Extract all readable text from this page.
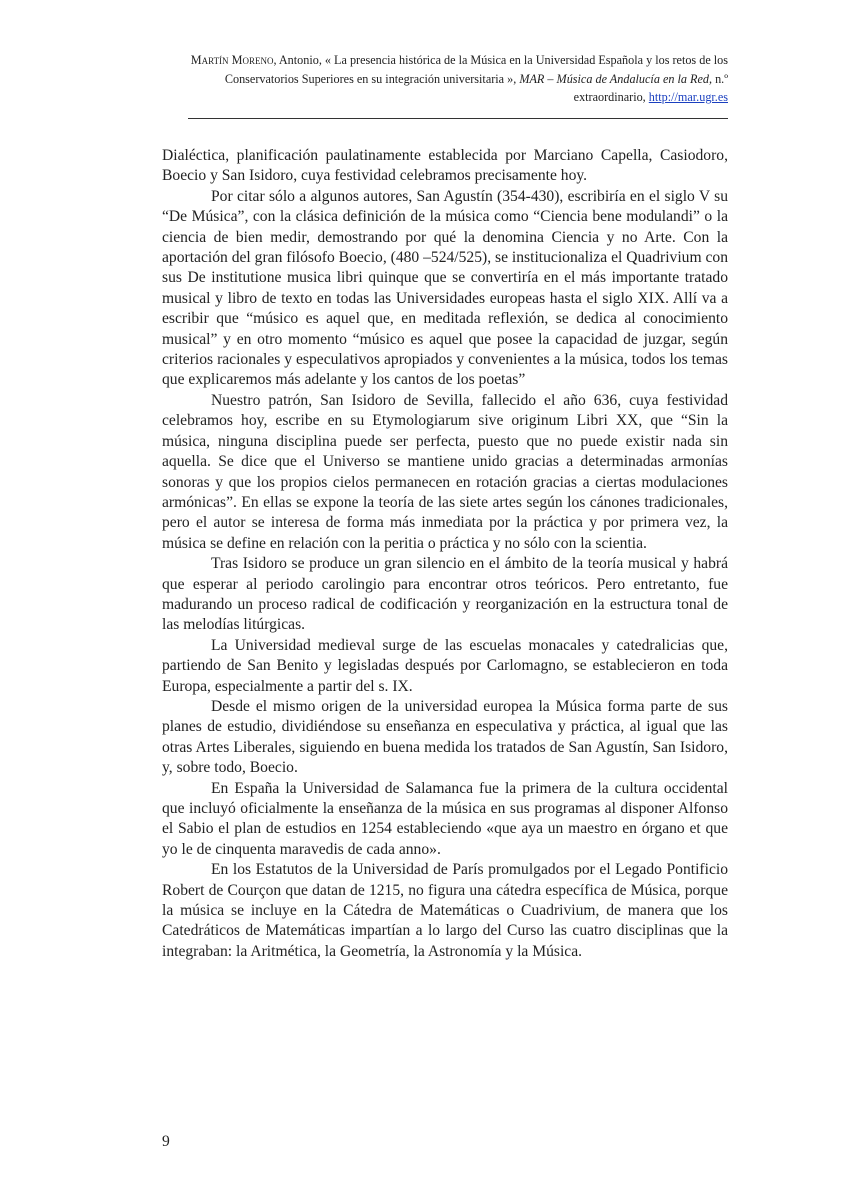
Martín Moreno, Antonio, « La presencia histórica de la Música en la Universidad Española y los retos de los Conservatorios Superiores en su integración universitaria », MAR – Música de Andalucía en la Red, n.º extraordinario, http://mar.ugr.es

Dialéctica, planificación paulatinamente establecida por Marciano Capella, Casiodoro, Boecio y San Isidoro, cuya festividad celebramos precisamente hoy.

Por citar sólo a algunos autores, San Agustín (354-430), escribiría en el siglo V su “De Música”, con la clásica definición de la música como “Ciencia bene modulandi” o la ciencia de bien medir, demostrando por qué la denomina Ciencia y no Arte. Con la aportación del gran filósofo Boecio, (480 –524/525), se institucionaliza el Quadrivium con sus De institutione musica libri quinque que se convertiría en el más importante tratado musical y libro de texto en todas las Universidades europeas hasta el siglo XIX. Allí va a escribir que “músico es aquel que, en meditada reflexión, se dedica al conocimiento musical” y en otro momento “músico es aquel que posee la capacidad de juzgar, según criterios racionales y especulativos apropiados y convenientes a la música, todos los temas que explicaremos más adelante y los cantos de los poetas”

Nuestro patrón, San Isidoro de Sevilla, fallecido el año 636, cuya festividad celebramos hoy, escribe en su Etymologiarum sive originum Libri XX, que “Sin la música, ninguna disciplina puede ser perfecta, puesto que no puede existir nada sin aquella. Se dice que el Universo se mantiene unido gracias a determinadas armonías sonoras y que los propios cielos permanecen en rotación gracias a ciertas modulaciones armónicas”. En ellas se expone la teoría de las siete artes según los cánones tradicionales, pero el autor se interesa de forma más inmediata por la práctica y por primera vez, la música se define en relación con la peritia o práctica y no sólo con la scientia.

Tras Isidoro se produce un gran silencio en el ámbito de la teoría musical y habrá que esperar al periodo carolingio para encontrar otros teóricos. Pero entretanto, fue madurando un proceso radical de codificación y reorganización en la estructura tonal de las melodías litúrgicas.

La Universidad medieval surge de las escuelas monacales y catedralicias que, partiendo de San Benito y legisladas después por Carlomagno, se establecieron en toda Europa, especialmente a partir del s. IX.

Desde el mismo origen de la universidad europea la Música forma parte de sus planes de estudio, dividiéndose su enseñanza en especulativa y práctica, al igual que las otras Artes Liberales, siguiendo en buena medida los tratados de San Agustín, San Isidoro, y, sobre todo, Boecio.

En España la Universidad de Salamanca fue la primera de la cultura occidental que incluyó oficialmente la enseñanza de la música en sus programas al disponer Alfonso el Sabio el plan de estudios en 1254 estableciendo «que aya un maestro en órgano et que yo le de cinquenta maravedis de cada anno».

En los Estatutos de la Universidad de París promulgados por el Legado Pontificio Robert de Courçon que datan de 1215, no figura una cátedra específica de Música, porque la música se incluye en la Cátedra de Matemáticas o Cuadrivium, de manera que los Catedráticos de Matemáticas impartían a lo largo del Curso las cuatro disciplinas que la integraban: la Aritmética, la Geometría, la Astronomía y la Música.

9
